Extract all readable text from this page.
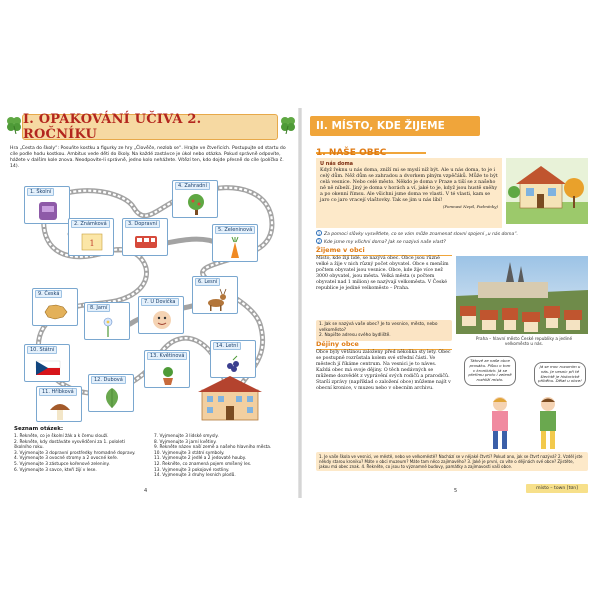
I. OPAKOVÁNÍ UČIVA 2. ROČNÍKU
Hra „Cesta do školy“: Posuňte kostku a figurky ze hry „Člověče, nezlob se“. Hrajte ve čtveřicích. Postupujte od startu do cíle podle hodu kostkou. Ambitus vede děti do školy. Na každé zastávce je úkol nebo otázka. Pokud správně odpovíte, hážete v dalším kole znova. Neodpovíte-li správně, jedno kolo nehážete. Vítězí ten, kdo dojde přesně do cíle (políčko č. 14).
1. Školní
2. Známková
1
3. Dopravní
4. Zahradní
5. Zeleninová
6. Lesní
7. U Dovička
8. Jarní
9. Česká
10. Státní
11. Hříbková
12. Dubová
13. Květinová
14. Letní
Seznam otázek:
1. Řekněte, co je školní žák a k čemu slouží.
2. Řekněte, kdy dostáváte vysvědčení za 1. pololetí školního roku.
3. Vyjmenujte 3 dopravní prostředky hromadné dopravy.
4. Vyjmenujte 3 ovocné stromy a 2 ovocné keře.
5. Vyjmenujte 3 zástupce kořenové zeleniny.
6. Vyjmenujte 3 savce, kteří žijí v lese.
7. Vyjmenujte 3 lidské smysly.
8. Vyjmenujte 3 jarní květiny.
9. Řekněte název naší země a našeho hlavního města.
10. Vyjmenujte 3 státní symboly.
11. Vyjmenujte 2 jedlé a 2 jedovaté houby.
12. Řekněte, co znamená pojem smíšený les.
13. Vyjmenujte 3 pokojové rostliny.
14. Vyjmenujte 3 druhy lesních plodů.
4
II. MÍSTO, KDE ŽIJEME
1. NAŠE OBEC
U nás doma

Když řeknu u nás doma, zníží mi se myslí níž být. Ale u nás doma, to je i celý dům. Něž dům se zahradou a dvorkem plným vzpěčáků. Může to být celá vesnice. Nebo celé město. Někdo je doma v Praze a tiší se z našeho ně ně níbeží. Jiný je doma v horách a ví, jaké to je, když jsou hustě sněhy a po okenní římsu. Ale všichni jsme doma ve vlasti. V té vlasti, kam se jaro co jaro vracejí vlaštovky. Tak se jim u nás líbí!

(Pomnast Nepil, Podmínky)

1 Za pomoci slůvky vysvětlete, co se vám může znamenat slovní spojení „u nás doma“.
2 Kde jsme my všichni doma? Jak se nazývá naše vlast?
Žijeme v obci
Místo, kde žijí lidé, se nazývá obec. Obce jsou různě velké a žije v nich různý počet obyvatel. Obce s menším počtem obyvatel jsou vesnice. Obce, kde žije více než 3000 obyvatel, jsou města. Velká města (s počtem obyvatel nad 1 milion) se nazývají velkoměsta. V České republice je jediné velkoměsto – Praha.
Praha – hlavní město České republiky a jediné velkoměsto u nás.
1. Jak se nazývá vaše obec? Je to vesnice, město, nebo velkoměsto?
2. Napište adresu svého bydliště.
Dějiny obce
Obce byly většinou založeny před několika sty lety. Obec se postupně rozrůstala kolem své střední části. Ve městech jí říkáme centrum. Na vesnici je to náves. Každá obec má svoje dějiny. O těch nedávných se můžeme dozvědět z vyprávění svých rodičů a prarodičů. Starší zprávy (například o založení obce) můžeme najít v obecní kronice, v muzeu nebo v obecním archivu.
Tátové ze naše obce prosáku. Píšou o tom v kronikách. Já se přeřimu proto i zeleně rozhlíží místo.
Já se moc rozumím u nás. Je vesnic při té šlechtě je historické příběhu. Dělat u obce!
1. Je vaše škola ve vesnici, ve městě, nebo ve velkoměstě? Nachází se v nějaké čtvrti? Pokud ano, jak se čtvrť nazývá? 2. Vzděl jste někdy starou kroniku? Máte v obci muzeum? Máte tam něco zajímavého? 3. Jaké je první, co víte o dějinách své obce? Zjistěte, jakou má obec znak. 4. Řekněte, co jsou to významné budovy, památky a zajímavosti vaší obce.
místo – town [tʊn]
5
